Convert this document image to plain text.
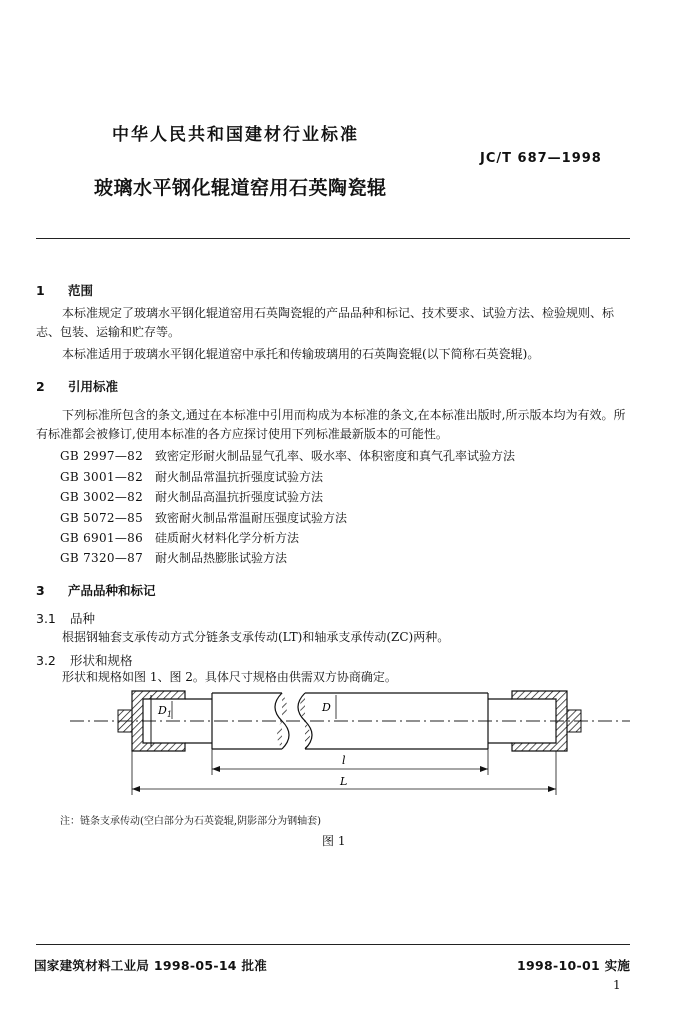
中华人民共和国建材行业标准
JC/T 687—1998
玻璃水平钢化辊道窑用石英陶瓷辊
1 范围
本标准规定了玻璃水平钢化辊道窑用石英陶瓷辊的产品品种和标记、技术要求、试验方法、检验规则、标志、包装、运输和贮存等。
本标准适用于玻璃水平钢化辊道窑中承托和传输玻璃用的石英陶瓷辊(以下简称石英瓷辊)。
2 引用标准
下列标准所包含的条文,通过在本标准中引用而构成为本标准的条文,在本标准出版时,所示版本均为有效。所有标准都会被修订,使用本标准的各方应探讨使用下列标准最新版本的可能性。
GB 2997—82 致密定形耐火制品显气孔率、吸水率、体积密度和真气孔率试验方法
GB 3001—82 耐火制品常温抗折强度试验方法
GB 3002—82 耐火制品高温抗折强度试验方法
GB 5072—85 致密耐火制品常温耐压强度试验方法
GB 6901—86 硅质耐火材料化学分析方法
GB 7320—87 耐火制品热膨胀试验方法
3 产品品种和标记
3.1 品种
根据钢轴套支承传动方式分链条支承传动(LT)和轴承支承传动(ZC)两种。
3.2 形状和规格
形状和规格如图 1、图 2。具体尺寸规格由供需双方协商确定。
$D_1$
D
l
L
注：链条支承传动(空白部分为石英瓷辊,阴影部分为钢轴套)
图 1
国家建筑材料工业局 1998-05-14 批准	1998-10-01 实施
1
